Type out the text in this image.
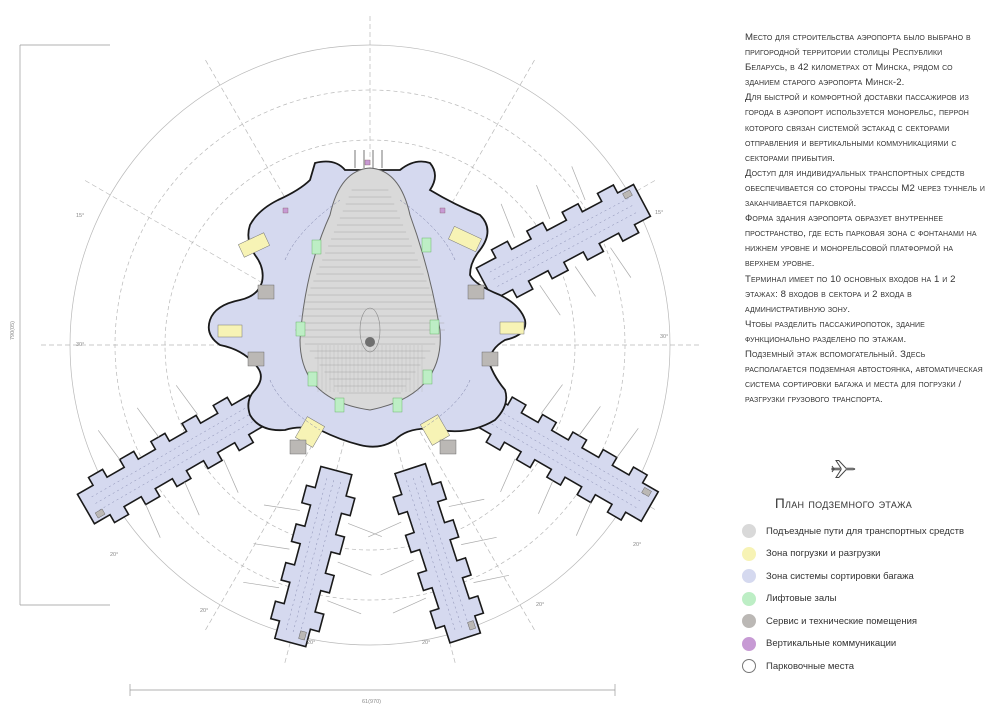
61(970)
790(05)
15°	15°
30°
30°
20°
20°
20°
20°
20°	20°

Место для строительства аэропорта было выбрано в пригородной территории столицы Республики Беларусь, в 42 километрах от Минска, рядом со зданием старого аэропорта Минск-2.

Для быстрой и комфортной доставки пассажиров из города в аэропорт используется монорельс, перрон которого связан системой эстакад с секторами отправления и вертикальными коммуникациями с секторами прибытия.

Доступ для индивидуальных транспортных средств обеспечивается со стороны трассы М2 через туннель и заканчивается парковкой.

Форма здания аэропорта образует внутреннее пространство, где есть парковая зона с фонтанами на нижнем уровне и монорельсовой платформой на верхнем уровне.

Терминал имеет по 10 основных входов на 1 и 2 этажах: 8 входов в сектора и 2 входа в административную зону.

Чтобы разделить пассажиропоток, здание функционально разделено по этажам.

Подземный этаж вспомогательный. Здесь располагается подземная автостоянка, автоматическая система сортировки багажа и места для погрузки / разгрузки грузового транспорта.

План подземного этажа
Подъездные пути для транспортных средств
Зона погрузки и разгрузки
Зона системы сортировки багажа
Лифтовые залы
Сервис и технические помещения
Вертикальные коммуникации
Парковочные места
